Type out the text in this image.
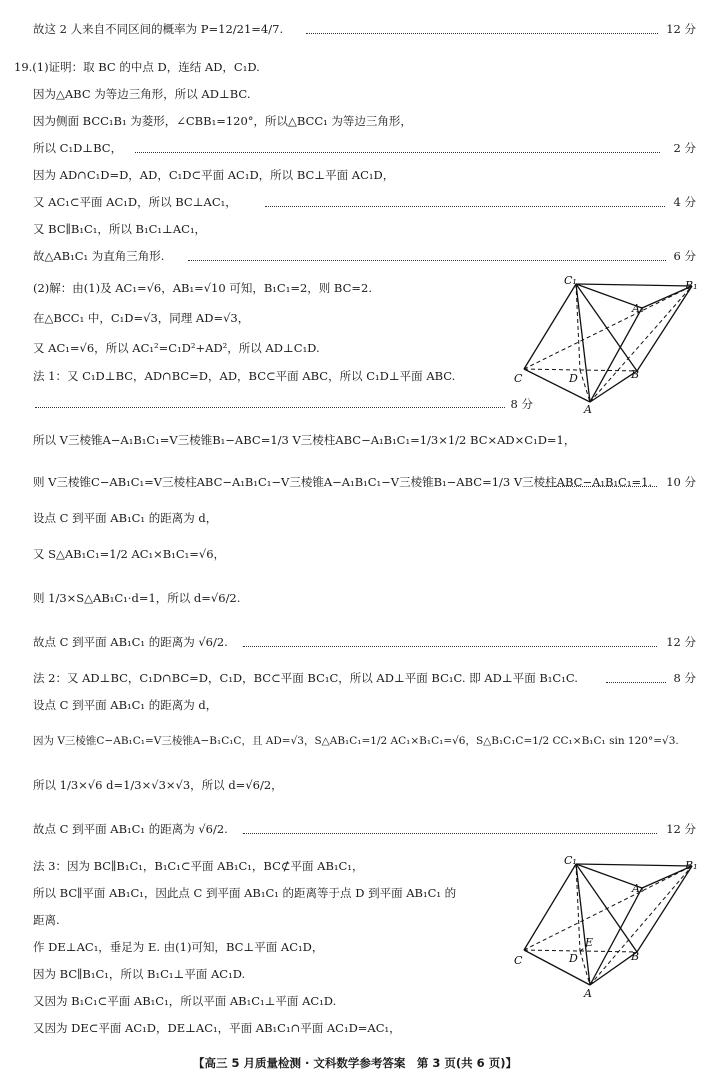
故这 2 人来自不同区间的概率为 P=12/21=4/7.	12 分
19.(1)证明：取 BC 的中点 D，连结 AD，C₁D.
因为△ABC 为等边三角形，所以 AD⊥BC.
因为侧面 BCC₁B₁ 为菱形，∠CBB₁=120°，所以△BCC₁ 为等边三角形，
所以 C₁D⊥BC，	2 分
因为 AD∩C₁D=D，AD，C₁D⊂平面 AC₁D，所以 BC⊥平面 AC₁D，
又 AC₁⊂平面 AC₁D，所以 BC⊥AC₁，	4 分
又 BC∥B₁C₁，所以 B₁C₁⊥AC₁，
故△AB₁C₁ 为直角三角形.	6 分
(2)解：由(1)及 AC₁=√6，AB₁=√10 可知，B₁C₁=2，则 BC=2.
在△BCC₁ 中，C₁D=√3，同理 AD=√3，
又 AC₁=√6，所以 AC₁²=C₁D²+AD²，所以 AD⊥C₁D.
法 1：又 C₁D⊥BC，AD∩BC=D，AD，BC⊂平面 ABC，所以 C₁D⊥平面 ABC.
8 分
所以 V三棱锥A−A₁B₁C₁=V三棱锥B₁−ABC=1/3 V三棱柱ABC−A₁B₁C₁=1/3×1/2 BC×AD×C₁D=1，
则 V三棱锥C−AB₁C₁=V三棱柱ABC−A₁B₁C₁−V三棱锥A−A₁B₁C₁−V三棱锥B₁−ABC=1/3 V三棱柱ABC−A₁B₁C₁=1. 10 分
设点 C 到平面 AB₁C₁ 的距离为 d，
又 S△AB₁C₁=1/2 AC₁×B₁C₁=√6，
则 1/3×S△AB₁C₁·d=1，所以 d=√6/2.
故点 C 到平面 AB₁C₁ 的距离为 √6/2.	12 分
法 2：又 AD⊥BC，C₁D∩BC=D，C₁D，BC⊂平面 BC₁C，所以 AD⊥平面 BC₁C. 即 AD⊥平面 B₁C₁C.	8 分
设点 C 到平面 AB₁C₁ 的距离为 d，
因为 V三棱锥C−AB₁C₁=V三棱锥A−B₁C₁C，且 AD=√3，S△AB₁C₁=1/2 AC₁×B₁C₁=√6，S△B₁C₁C=1/2 CC₁×B₁C₁ sin 120°=√3.
所以 1/3×√6 d=1/3×√3×√3，所以 d=√6/2，
故点 C 到平面 AB₁C₁ 的距离为 √6/2.	12 分
法 3：因为 BC∥B₁C₁，B₁C₁⊂平面 AB₁C₁，BC⊄平面 AB₁C₁，
所以 BC∥平面 AB₁C₁，因此点 C 到平面 AB₁C₁ 的距离等于点 D 到平面 AB₁C₁ 的
距离.
作 DE⊥AC₁，垂足为 E. 由(1)可知，BC⊥平面 AC₁D，
因为 BC∥B₁C₁，所以 B₁C₁⊥平面 AC₁D.
又因为 B₁C₁⊂平面 AB₁C₁，所以平面 AB₁C₁⊥平面 AC₁D.
又因为 DE⊂平面 AC₁D，DE⊥AC₁，平面 AB₁C₁∩平面 AC₁D=AC₁，
C₁	B₁
A₁
C	D	B
A
C₁	B₁
A₁
C	D
E
B
A
【高三 5 月质量检测 · 文科数学参考答案　第 3 页(共 6 页)】
